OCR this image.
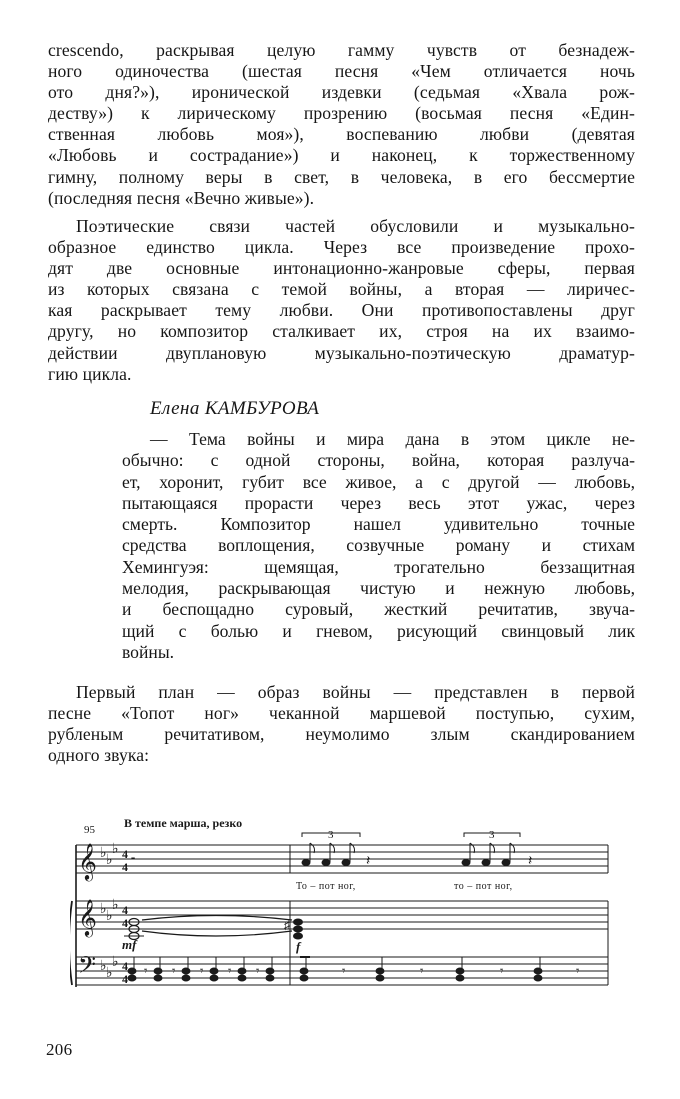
crescendo, раскрывая целую гамму чувств от безнадеж-

ного одиночества (шестая песня «Чем отличается ночь

ото дня?»), иронической издевки (седьмая «Хвала рож-

деству») к лирическому прозрению (восьмая песня «Един-

ственная любовь моя»), воспеванию любви (девятая

«Любовь и сострадание») и наконец, к торжественному

гимну, полному веры в свет, в человека, в его бессмертие

(последняя песня «Вечно живые»).

Поэтические связи частей обусловили и музыкально-

образное единство цикла. Через все произведение прохо-

дят две основные интонационно-жанровые сферы, первая

из которых связана с темой войны, а вторая — лиричес-

кая раскрывает тему любви. Они противопоставлены друг

другу, но композитор сталкивает их, строя на их взаимо-

действии двуплановую музыкально-поэтическую драматур-

гию цикла.

Елена КАМБУРОВА

— Тема войны и мира дана в этом цикле не-

обычно: с одной стороны, война, которая разлуча-

ет, хоронит, губит все живое, а с другой — любовь,

пытающаяся прорасти через весь этот ужас, через

смерть. Композитор нашел удивительно точные

средства воплощения, созвучные роману и стихам

Хемингуэя: щемящая, трогательно беззащитная

мелодия, раскрывающая чистую и нежную любовь,

и беспощадно суровый, жесткий речитатив, звуча-

щий с болью и гневом, рисующий свинцовый лик

войны.

Первый план — образ войны — представлен в первой

песне «Топот ног» чеканной маршевой поступью, сухим,

рубленым речитативом, неумолимо злым скандированием

одного звука:

𝄞
𝄞
𝄢
♭ ♭
♭
♭ ♭
♭
♭ ♭
♭
4
4
4
4
4
4
95 В темпе марша, резко
𝄼
3	3
𝄽	𝄽
То – пот ног,	то – пот ног,
♯
mf	f
𝄾 𝄾 𝄾 𝄾 𝄾	𝄾	𝄾	𝄾	𝄾
206
